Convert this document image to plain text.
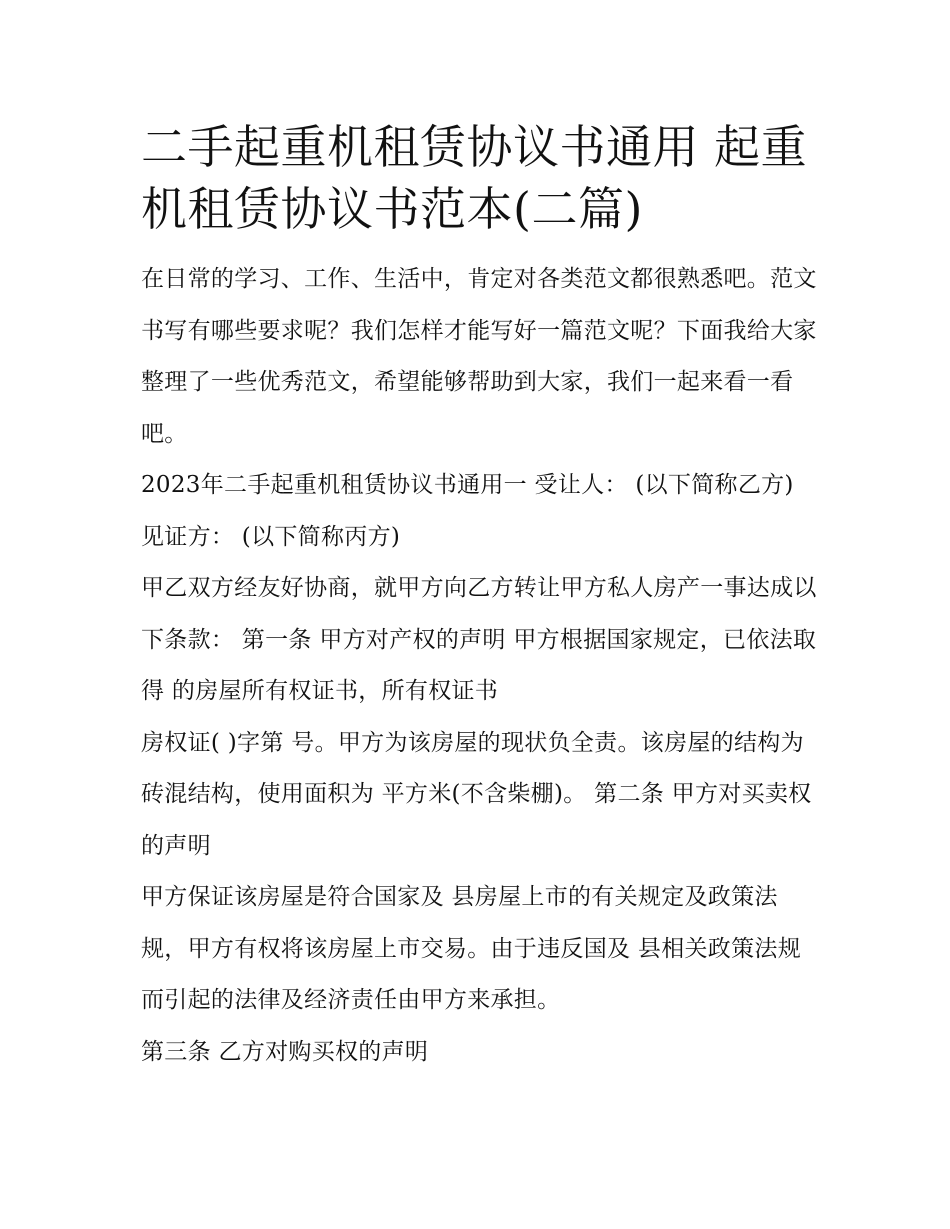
二手起重机租赁协议书通用 起重机租赁协议书范本(二篇)

在日常的学习、工作、生活中，肯定对各类范文都很熟悉吧。范文书写有哪些要求呢？我们怎样才能写好一篇范文呢？下面我给大家整理了一些优秀范文，希望能够帮助到大家，我们一起来看一看吧。

2023年二手起重机租赁协议书通用一 受让人： (以下简称乙方) 见证方： (以下简称丙方)

甲乙双方经友好协商，就甲方向乙方转让甲方私人房产一事达成以下条款： 第一条 甲方对产权的声明 甲方根据国家规定，已依法取得 的房屋所有权证书，所有权证书

房权证( )字第 号。甲方为该房屋的现状负全责。该房屋的结构为砖混结构，使用面积为 平方米(不含柴棚)。 第二条 甲方对买卖权的声明

甲方保证该房屋是符合国家及 县房屋上市的有关规定及政策法规，甲方有权将该房屋上市交易。由于违反国及 县相关政策法规而引起的法律及经济责任由甲方来承担。

第三条 乙方对购买权的声明
